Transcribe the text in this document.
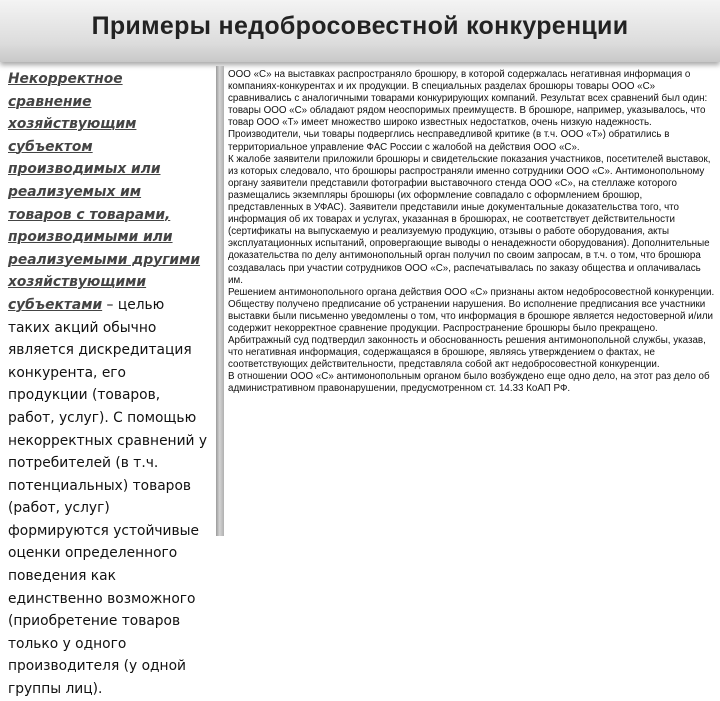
Примеры недобросовестной конкуренции
Некорректное сравнение хозяйствующим субъектом производимых или реализуемых им товаров с товарами, производимыми или реализуемыми другими хозяйствующими субъектами – целью таких акций обычно является дискредитация конкурента, его продукции (товаров, работ, услуг). С помощью некорректных сравнений у потребителей (в т.ч. потенциальных) товаров (работ, услуг) формируются устойчивые оценки определенного поведения как единственно возможного (приобретение товаров только у одного производителя (у одной группы лиц).

ООО «С» на выставках распространяло брошюру, в которой содержалась негативная информация о компаниях-конкурентах и их продукции. В специальных разделах брошюры товары ООО «С» сравнивались с аналогичными товарами конкурирующих компаний. Результат всех сравнений был один: товары ООО «С» обладают рядом неоспоримых преимуществ. В брошюре, например, указывалось, что товар ООО «Т» имеет множество широко известных недостатков, очень низкую надежность. Производители, чьи товары подверглись несправедливой критике (в т.ч. ООО «Т») обратились в территориальное управление ФАС России с жалобой на действия ООО «С».

К жалобе заявители приложили брошюры и свидетельские показания участников, посетителей выставок, из которых следовало, что брошюры распространяли именно сотрудники ООО «С». Антимонопольному органу заявители представили фотографии выставочного стенда ООО «С», на стеллаже которого размещались экземпляры брошюры (их оформление совпадало с оформлением брошюр, представленных в УФАС). Заявители представили иные документальные доказательства того, что информация об их товарах и услугах, указанная в брошюрах, не соответствует действительности (сертификаты на выпускаемую и реализуемую продукцию, отзывы о работе оборудования, акты эксплуатационных испытаний, опровергающие выводы о ненадежности оборудования). Дополнительные доказательства по делу антимонопольный орган получил по своим запросам, в т.ч. о том, что брошюра создавалась при участии сотрудников ООО «С», распечатывалась по заказу общества и оплачивалась им.

Решением антимонопольного органа действия ООО «С» признаны актом недобросовестной конкуренции. Обществу получено предписание об устранении нарушения. Во исполнение предписания все участники выставки были письменно уведомлены о том, что информация в брошюре является недостоверной и/или содержит некорректное сравнение продукции. Распространение брошюры было прекращено.

Арбитражный суд подтвердил законность и обоснованность решения антимонопольной службы, указав, что негативная информация, содержащаяся в брошюре, являясь утверждением о фактах, не соответствующих действительности, представляла собой акт недобросовестной конкуренции.

В отношении ООО «С» антимонопольным органом было возбуждено еще одно дело, на этот раз дело об административном правонарушении, предусмотренном ст. 14.33 КоАП РФ.
